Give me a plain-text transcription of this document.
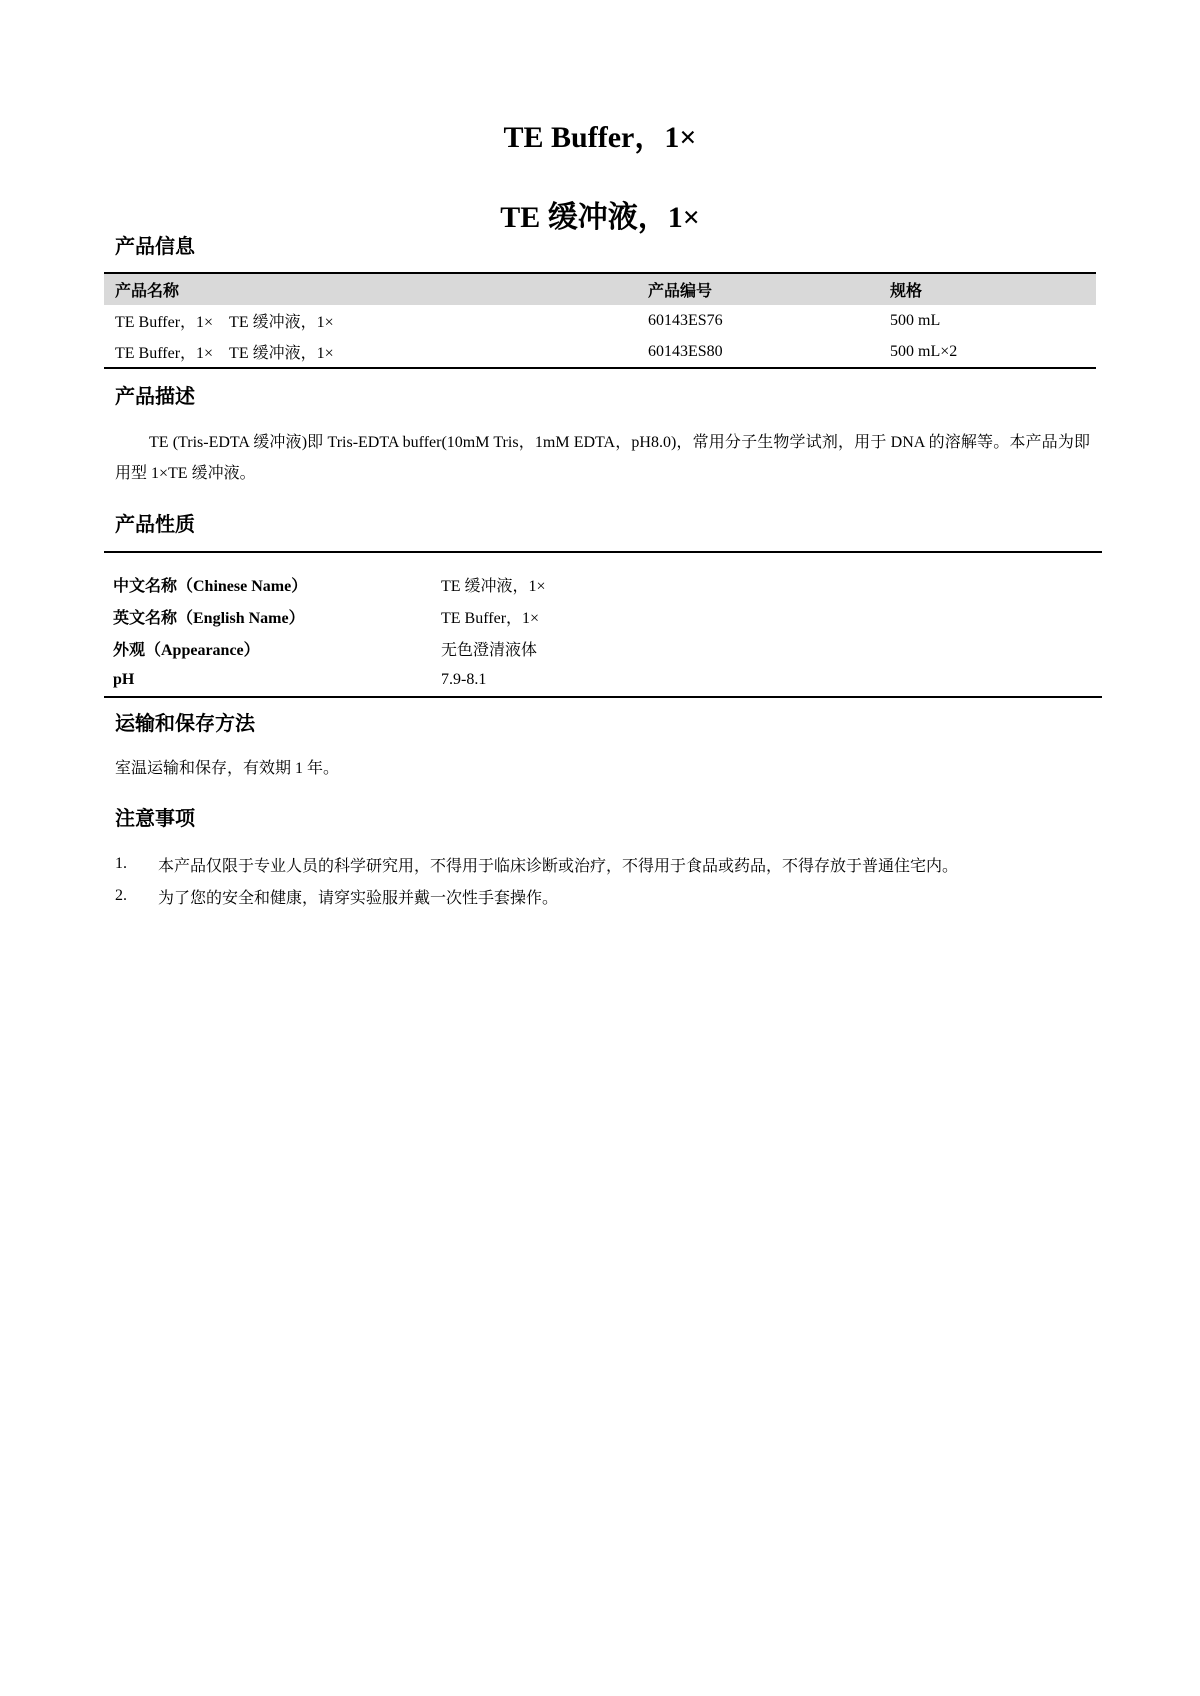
TE Buffer，1×
TE 缓冲液，1×
产品信息
产品名称	产品编号	规格
TE Buffer，1×　TE 缓冲液，1×	60143ES76	500 mL
TE Buffer，1×　TE 缓冲液，1×	60143ES80	500 mL×2
产品描述
TE (Tris-EDTA 缓冲液)即 Tris-EDTA buffer(10mM Tris，1mM EDTA，pH8.0)，常用分子生物学试剂，用于 DNA 的溶解等。本产品为即用型 1×TE 缓冲液。
产品性质
中文名称（Chinese Name）	TE 缓冲液，1×
英文名称（English Name）	TE Buffer，1×
外观（Appearance）	无色澄清液体
pH	7.9-8.1
运输和保存方法
室温运输和保存，有效期 1 年。
注意事项
1.	本产品仅限于专业人员的科学研究用，不得用于临床诊断或治疗，不得用于食品或药品，不得存放于普通住宅内。
2.	为了您的安全和健康，请穿实验服并戴一次性手套操作。
